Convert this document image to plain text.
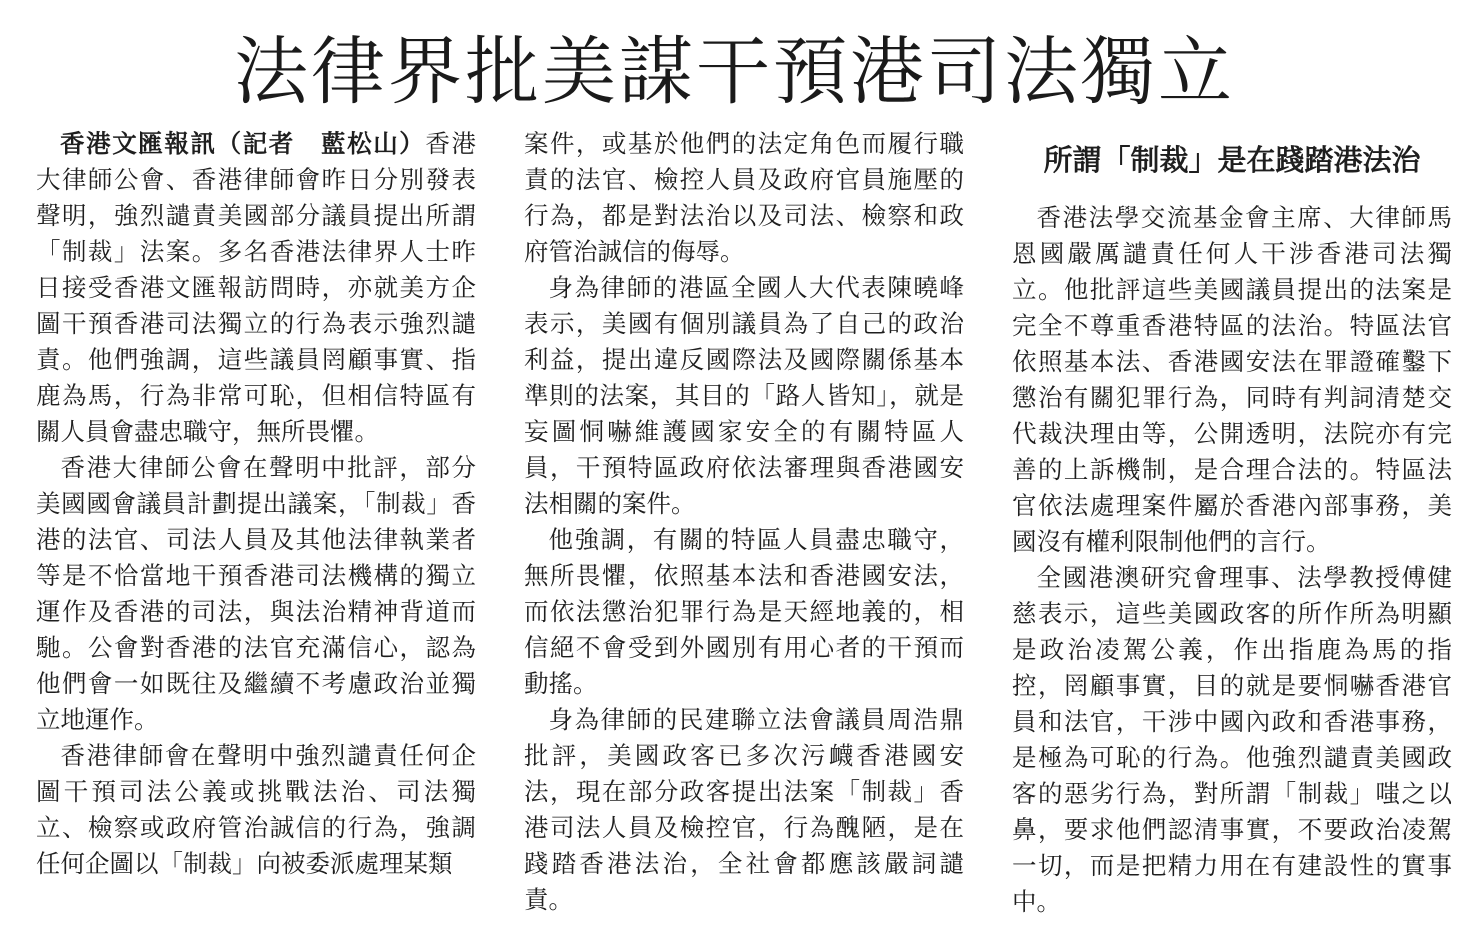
法律界批美謀干預港司法獨立

香港文匯報訊（記者　藍松山）香港大律師公會、香港律師會昨日分別發表聲明，強烈譴責美國部分議員提出所謂「制裁」法案。多名香港法律界人士昨日接受香港文匯報訪問時，亦就美方企圖干預香港司法獨立的行為表示強烈譴責。他們強調，這些議員罔顧事實、指鹿為馬，行為非常可恥，但相信特區有關人員會盡忠職守，無所畏懼。

香港大律師公會在聲明中批評，部分美國國會議員計劃提出議案，「制裁」香港的法官、司法人員及其他法律執業者等是不恰當地干預香港司法機構的獨立運作及香港的司法，與法治精神背道而馳。公會對香港的法官充滿信心，認為他們會一如既往及繼續不考慮政治並獨立地運作。

香港律師會在聲明中強烈譴責任何企圖干預司法公義或挑戰法治、司法獨立、檢察或政府管治誠信的行為，強調任何企圖以「制裁」向被委派處理某類

案件，或基於他們的法定角色而履行職責的法官、檢控人員及政府官員施壓的行為，都是對法治以及司法、檢察和政府管治誠信的侮辱。

身為律師的港區全國人大代表陳曉峰表示，美國有個別議員為了自己的政治利益，提出違反國際法及國際關係基本準則的法案，其目的「路人皆知」，就是妄圖恫嚇維護國家安全的有關特區人員，干預特區政府依法審理與香港國安法相關的案件。

他強調，有關的特區人員盡忠職守，無所畏懼，依照基本法和香港國安法，而依法懲治犯罪行為是天經地義的，相信絕不會受到外國別有用心者的干預而動搖。

身為律師的民建聯立法會議員周浩鼎批評，美國政客已多次污衊香港國安法，現在部分政客提出法案「制裁」香港司法人員及檢控官，行為醜陋，是在踐踏香港法治，全社會都應該嚴詞譴責。

所謂「制裁」是在踐踏港法治

香港法學交流基金會主席、大律師馬恩國嚴厲譴責任何人干涉香港司法獨立。他批評這些美國議員提出的法案是完全不尊重香港特區的法治。特區法官依照基本法、香港國安法在罪證確鑿下懲治有關犯罪行為，同時有判詞清楚交代裁決理由等，公開透明，法院亦有完善的上訴機制，是合理合法的。特區法官依法處理案件屬於香港內部事務，美國沒有權利限制他們的言行。

全國港澳研究會理事、法學教授傅健慈表示，這些美國政客的所作所為明顯是政治凌駕公義，作出指鹿為馬的指控，罔顧事實，目的就是要恫嚇香港官員和法官，干涉中國內政和香港事務，是極為可恥的行為。他強烈譴責美國政客的惡劣行為，對所謂「制裁」嗤之以鼻，要求他們認清事實，不要政治凌駕一切，而是把精力用在有建設性的實事中。
